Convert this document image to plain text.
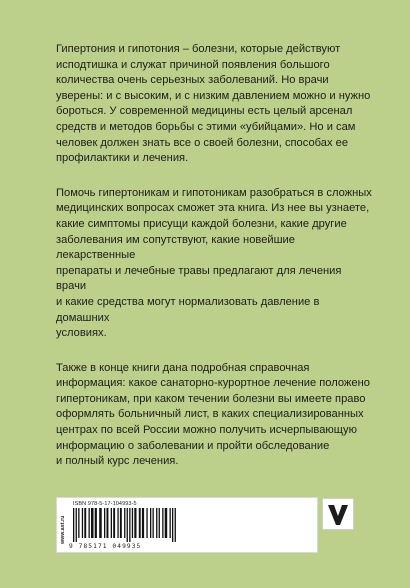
Гипертония и гипотония – болезни, которые действуют
исподтишка и служат причиной появления большого
количества очень серьезных заболеваний. Но врачи
уверены: и с высоким, и с низким давлением можно и нужно
бороться. У современной медицины есть целый арсенал
средств и методов борьбы с этими «убийцами». Но и сам
человек должен знать все о своей болезни, способах ее
профилактики и лечения.

Помочь гипертоникам и гипотоникам разобраться в сложных
медицинских вопросах сможет эта книга. Из нее вы узнаете,
какие симптомы присущи каждой болезни, какие другие
заболевания им сопутствуют, какие новейшие лекарственные
препараты и лечебные травы предлагают для лечения врачи
и какие средства могут нормализовать давление в домашних
условиях.

Также в конце книги дана подробная справочная
информация: какое санаторно-курортное лечение положено
гипертоникам, при каком течении болезни вы имеете право
оформлять больничный лист, в каких специализированных
центрах по всей России можно получить исчерпывающую
информацию о заболевании и пройти обследование
и полный курс лечения.

www.ast.ru
ISBN 978-5-17-104993-5
9 785171 049935
